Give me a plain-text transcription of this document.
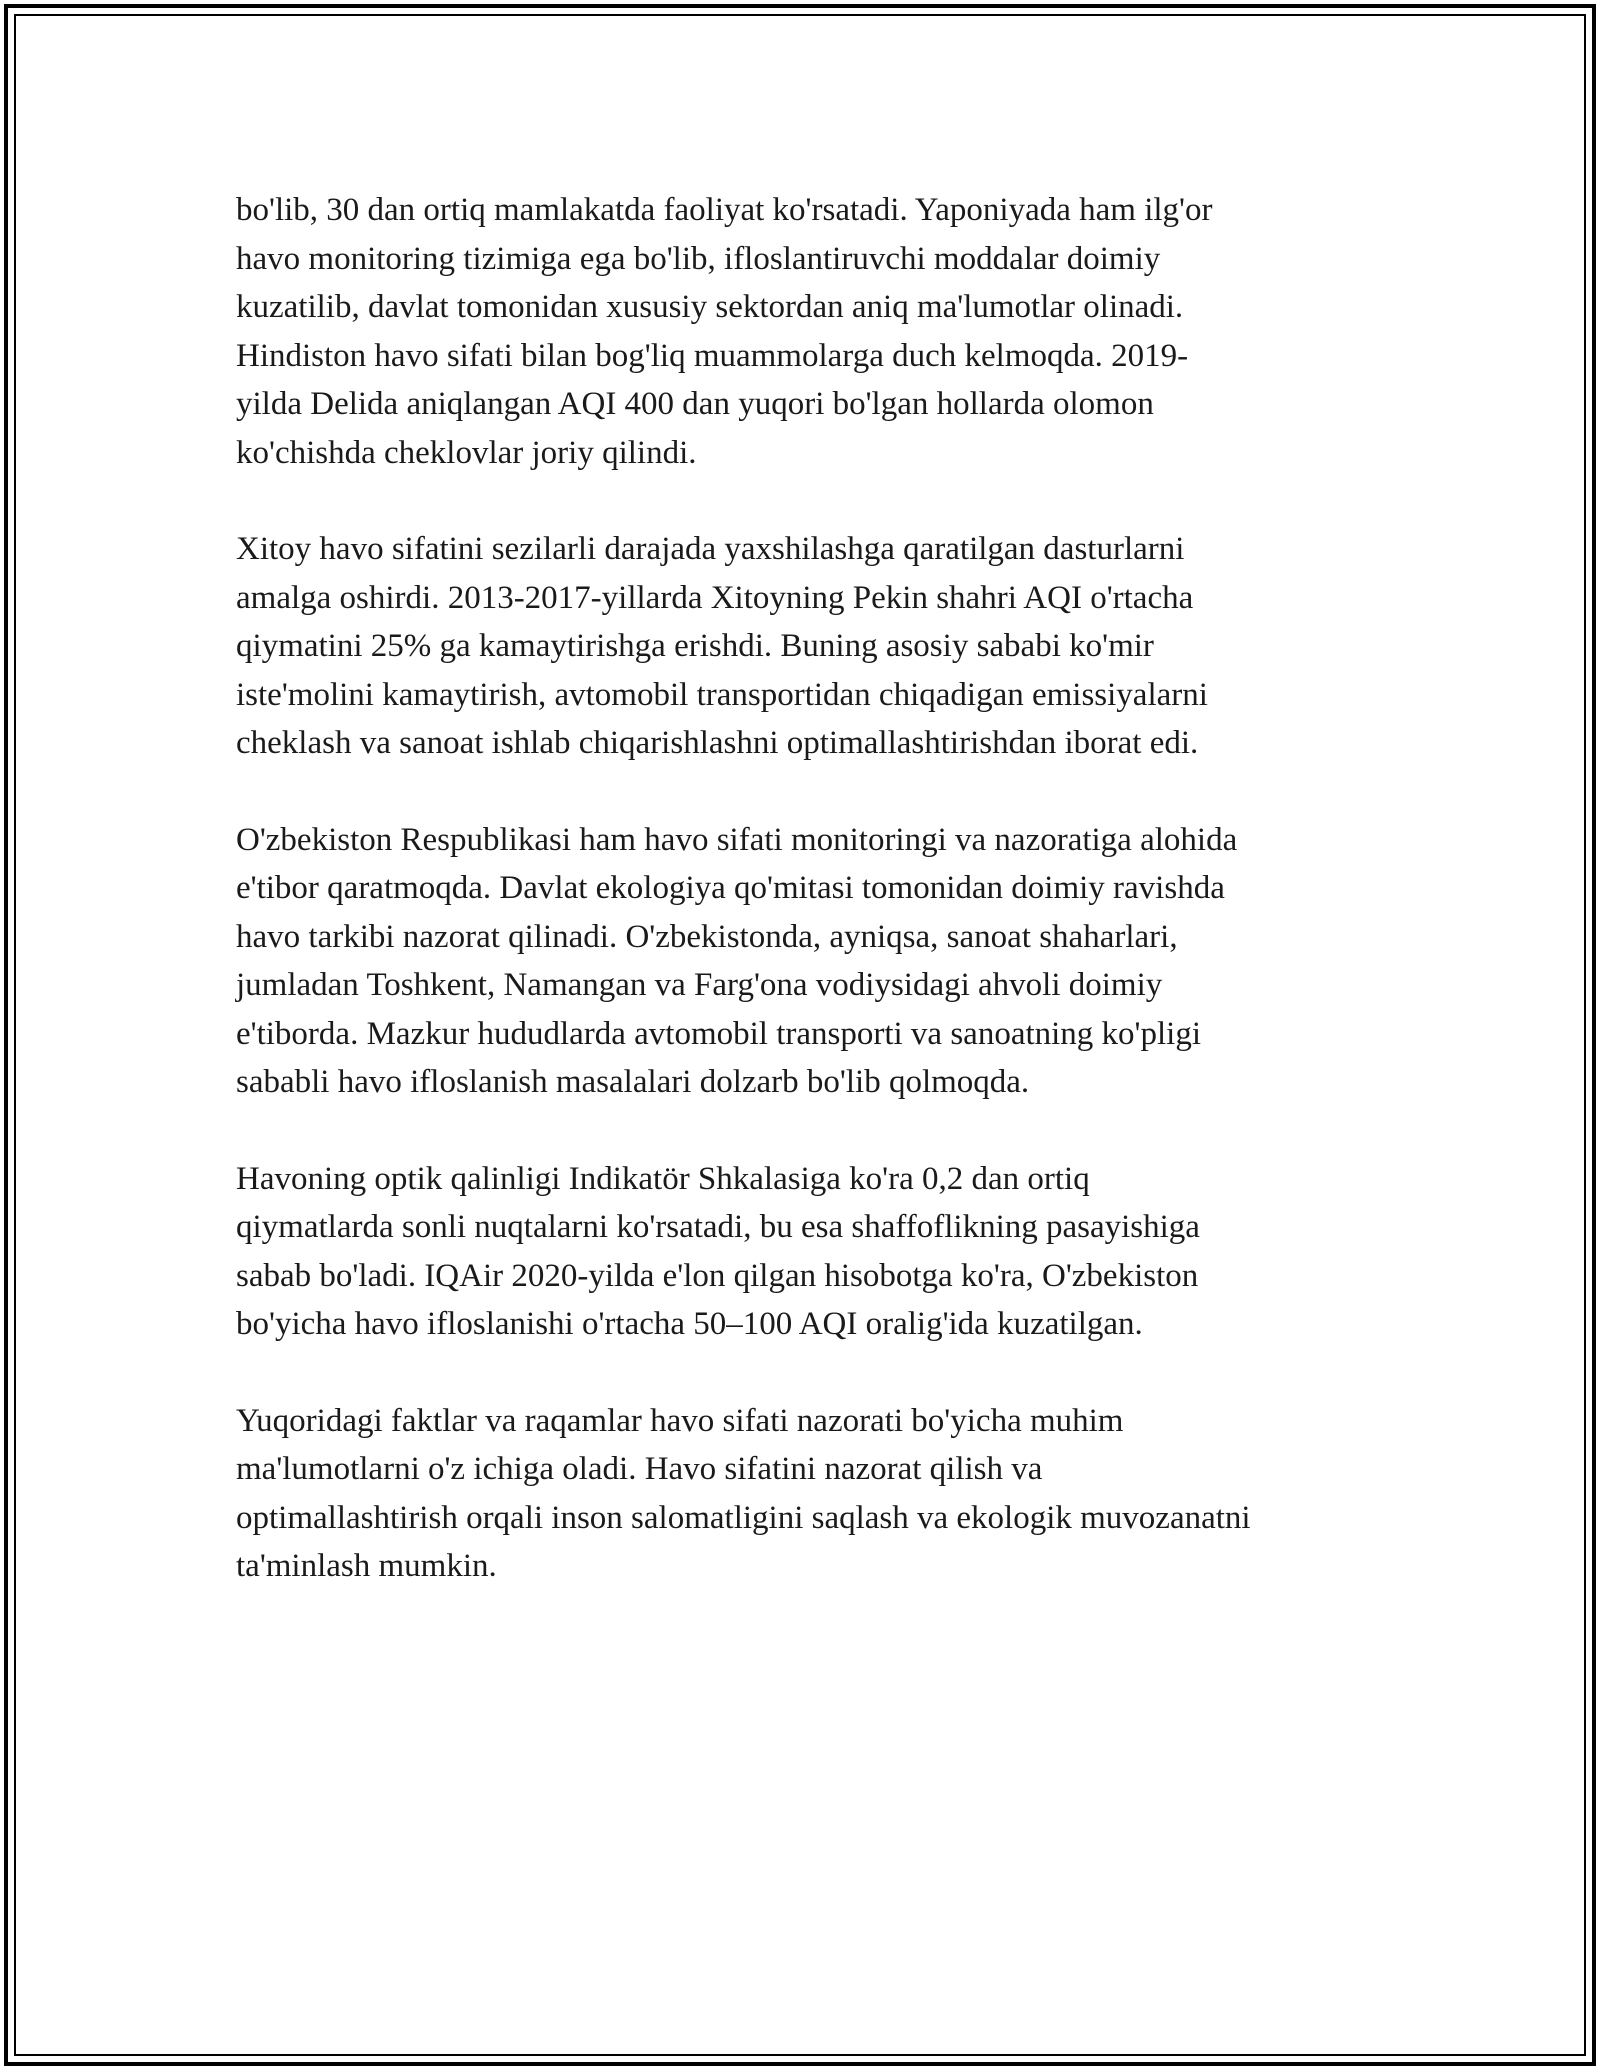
bo'lib, 30 dan ortiq mamlakatda faoliyat ko'rsatadi. Yaponiyada ham ilg'or
havo monitoring tizimiga ega bo'lib, ifloslantiruvchi moddalar doimiy
kuzatilib, davlat tomonidan xususiy sektordan aniq ma'lumotlar olinadi.
Hindiston havo sifati bilan bog'liq muammolarga duch kelmoqda. 2019-
yilda Delida aniqlangan AQI 400 dan yuqori bo'lgan hollarda olomon
ko'chishda cheklovlar joriy qilindi.

Xitoy havo sifatini sezilarli darajada yaxshilashga qaratilgan dasturlarni
amalga oshirdi. 2013-2017-yillarda Xitoyning Pekin shahri AQI o'rtacha
qiymatini 25% ga kamaytirishga erishdi. Buning asosiy sababi ko'mir
iste'molini kamaytirish, avtomobil transportidan chiqadigan emissiyalarni
cheklash va sanoat ishlab chiqarishlashni optimallashtirishdan iborat edi.

O'zbekiston Respublikasi ham havo sifati monitoringi va nazoratiga alohida
e'tibor qaratmoqda. Davlat ekologiya qo'mitasi tomonidan doimiy ravishda
havo tarkibi nazorat qilinadi. O'zbekistonda, ayniqsa, sanoat shaharlari,
jumladan Toshkent, Namangan va Farg'ona vodiysidagi ahvoli doimiy
e'tiborda. Mazkur hududlarda avtomobil transporti va sanoatning ko'pligi
sababli havo ifloslanish masalalari dolzarb bo'lib qolmoqda.

Havoning optik qalinligi Indikatör Shkalasiga ko'ra 0,2 dan ortiq
qiymatlarda sonli nuqtalarni ko'rsatadi, bu esa shaffoflikning pasayishiga
sabab bo'ladi. IQAir 2020-yilda e'lon qilgan hisobotga ko'ra, O'zbekiston
bo'yicha havo ifloslanishi o'rtacha 50–100 AQI oralig'ida kuzatilgan.

Yuqoridagi faktlar va raqamlar havo sifati nazorati bo'yicha muhim
ma'lumotlarni o'z ichiga oladi. Havo sifatini nazorat qilish va
optimallashtirish orqali inson salomatligini saqlash va ekologik muvozanatni
ta'minlash mumkin.
